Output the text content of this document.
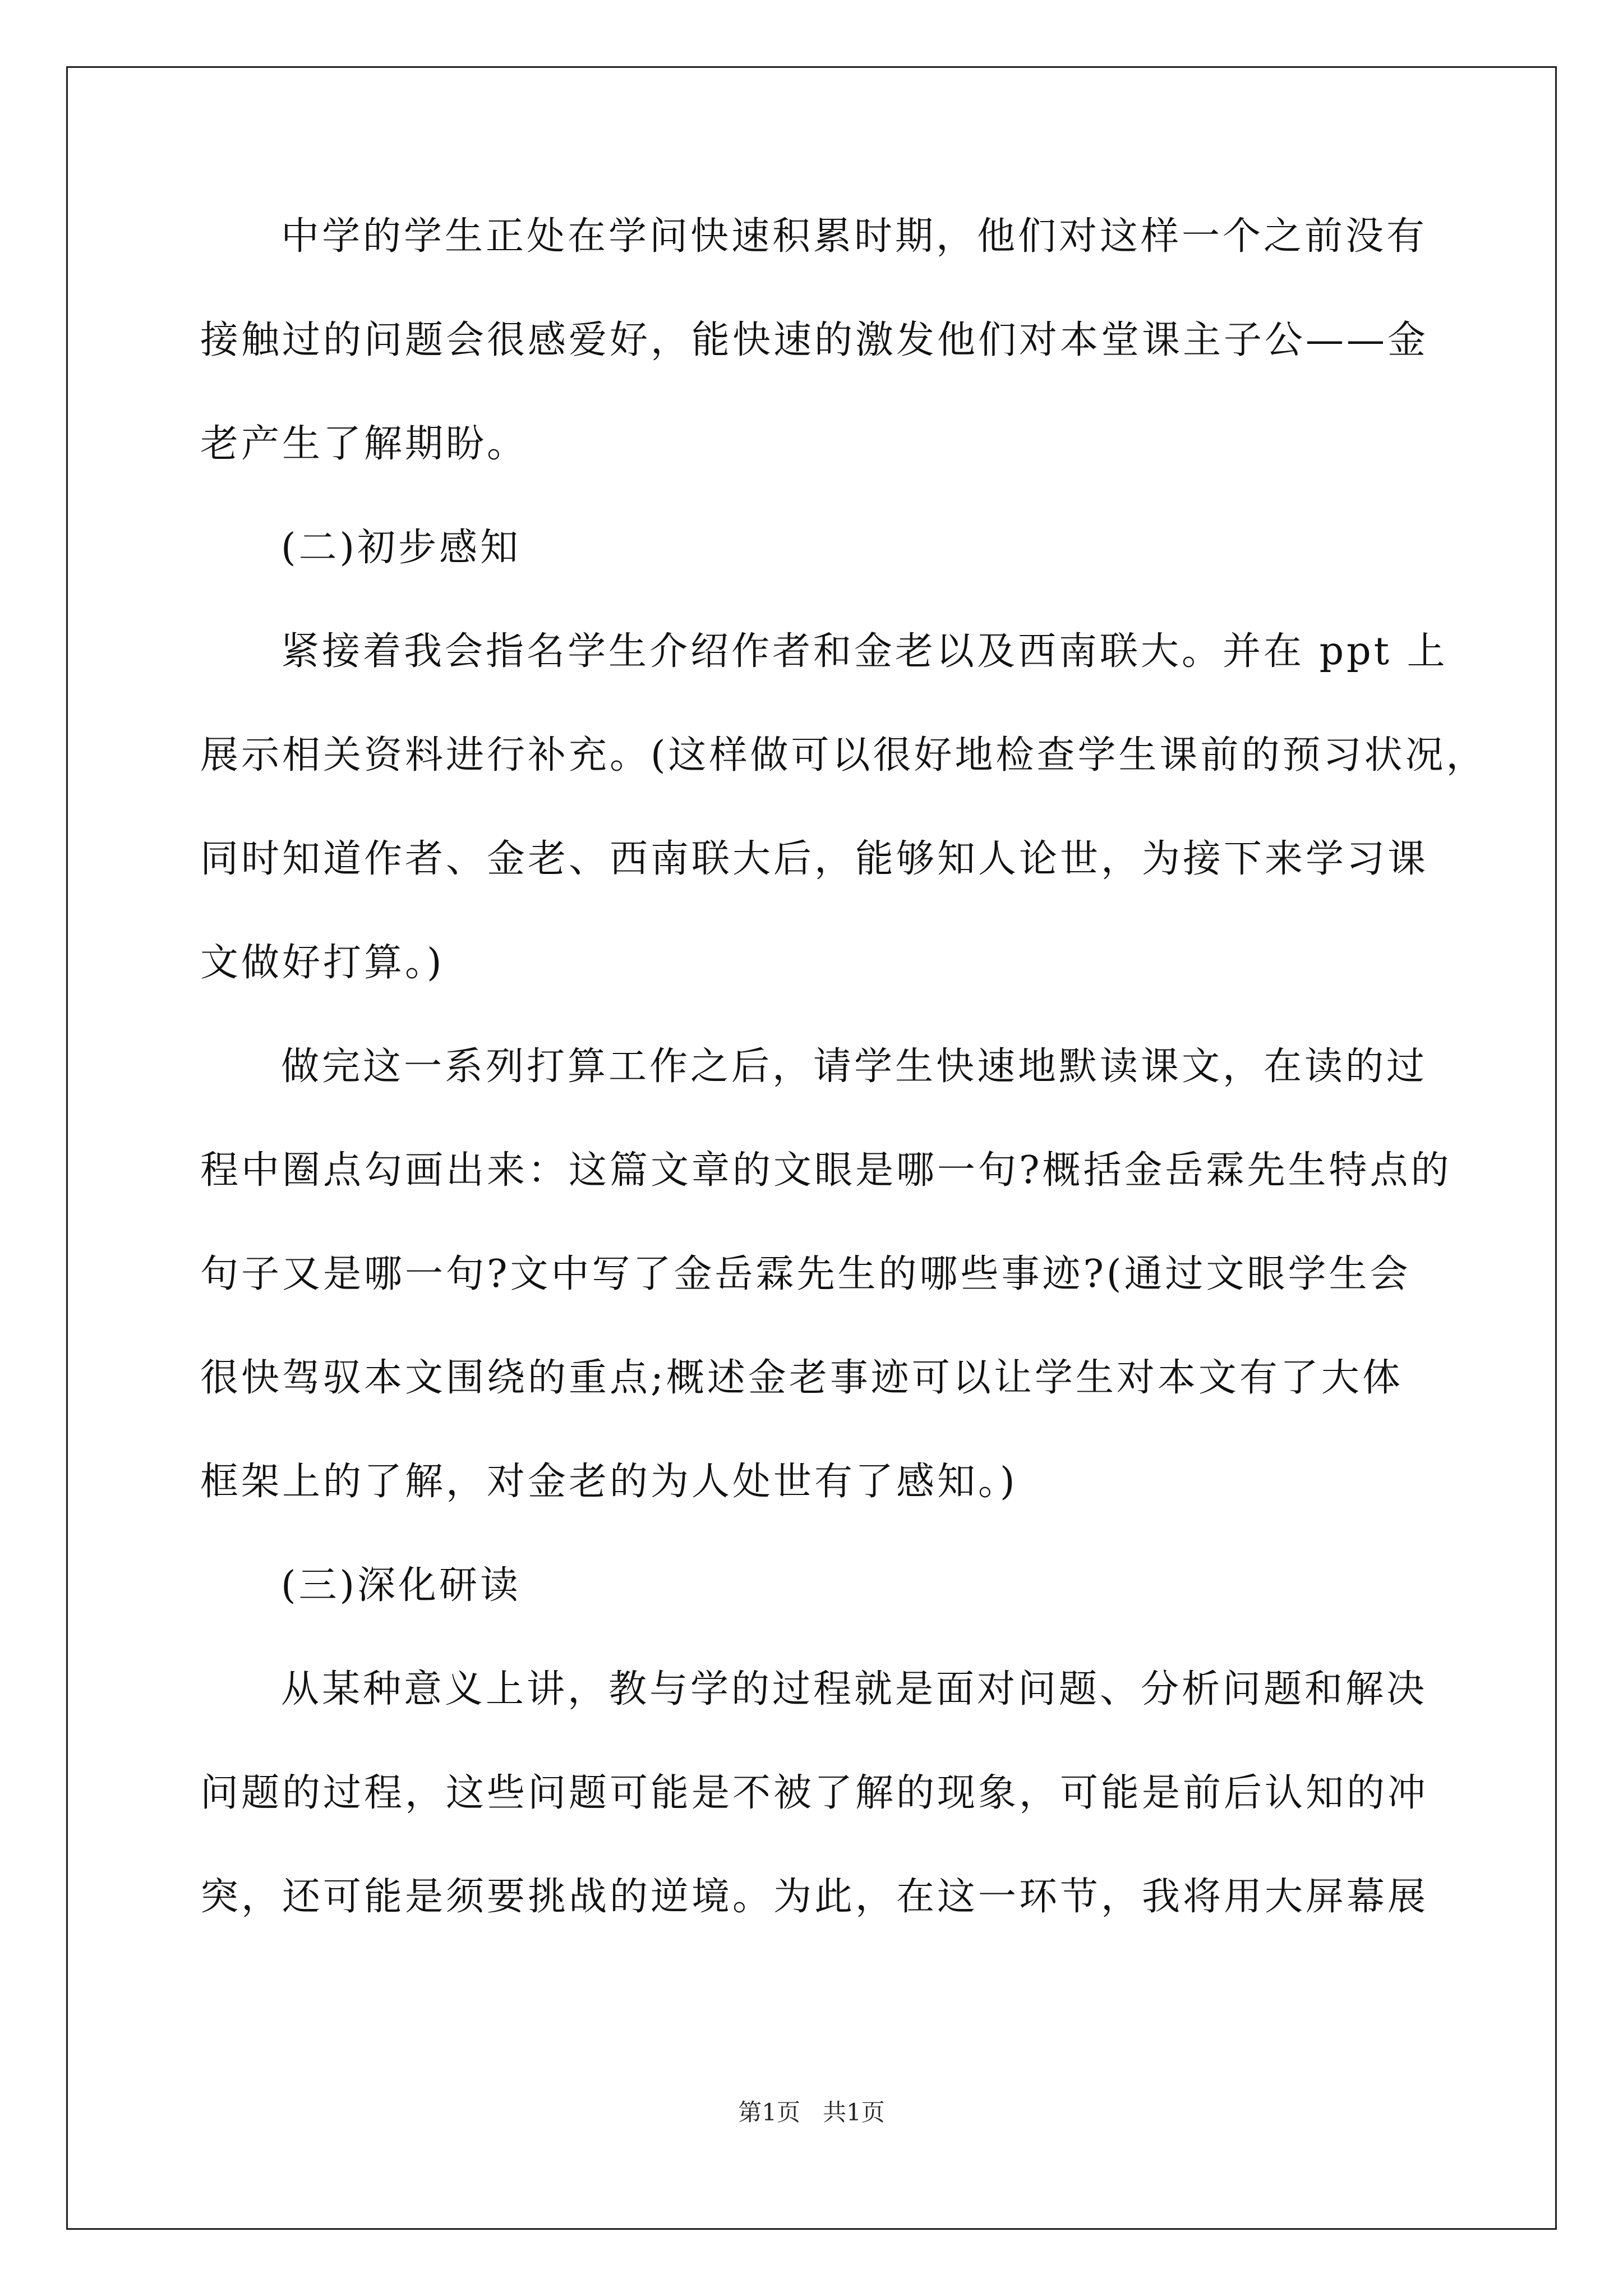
中学的学生正处在学问快速积累时期，他们对这样一个之前没有
接触过的问题会很感爱好，能快速的激发他们对本堂课主子公——金
老产生了解期盼。
(二)初步感知
紧接着我会指名学生介绍作者和金老以及西南联大。并在 ppt 上
展示相关资料进行补充。(这样做可以很好地检查学生课前的预习状况，
同时知道作者、金老、西南联大后，能够知人论世，为接下来学习课
文做好打算。)
做完这一系列打算工作之后，请学生快速地默读课文，在读的过
程中圈点勾画出来：这篇文章的文眼是哪一句?概括金岳霖先生特点的
句子又是哪一句?文中写了金岳霖先生的哪些事迹?(通过文眼学生会
很快驾驭本文围绕的重点;概述金老事迹可以让学生对本文有了大体
框架上的了解，对金老的为人处世有了感知。)
(三)深化研读
从某种意义上讲，教与学的过程就是面对问题、分析问题和解决
问题的过程，这些问题可能是不被了解的现象，可能是前后认知的冲
突，还可能是须要挑战的逆境。为此，在这一环节，我将用大屏幕展
第1页 共1页
